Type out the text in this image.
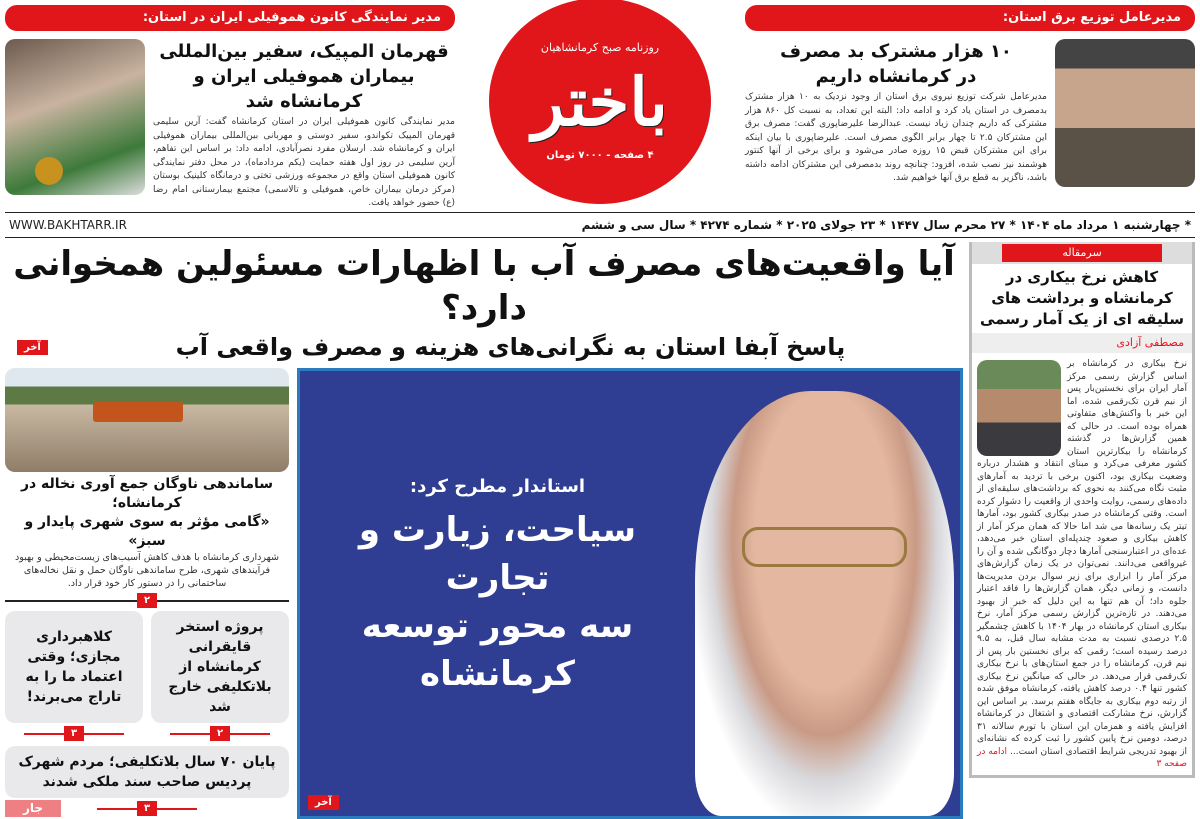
مدیر نمایندگی کانون هموفیلی ایران در استان:
قهرمان المپیک، سفیر بین‌المللی
بیماران هموفیلی ایران و کرمانشاه شد
مدیر نمایندگی کانون هموفیلی ایران در استان کرمانشاه گفت: آرین سلیمی قهرمان المپیک تکواندو، سفیر دوستی و مهربانی بین‌المللی بیماران هموفیلی ایران و کرمانشاه شد. ارسلان مفرد نصرآبادی، ادامه داد: بر اساس این تفاهم، آرین سلیمی در روز اول هفته حمایت (یکم مردادماه)، در محل دفتر نمایندگی کانون هموفیلی استان واقع در مجموعه ورزشی تختی و درمانگاه کلینیک بوستان (مرکز درمان بیماران خاص، هموفیلی و تالاسمی) مجتمع بیمارستانی امام رضا (ع) حضور خواهد یافت.
روزنامه صبح کرمانشاهیان
باختر
۴ صفحه - ۷۰۰۰ تومان
مدیرعامل توزیع برق استان:
۱۰ هزار مشترک بد مصرف
در کرمانشاه داریم
مدیرعامل شرکت توزیع نیروی برق استان از وجود نزدیک به ۱۰ هزار مشترک بدمصرف در استان یاد کرد و ادامه داد: البته این تعداد، به نسبت کل ۸۶۰ هزار مشترکی که داریم چندان زیاد نیست. عبدالرضا علیرضاپوری گفت: مصرف برق این مشترکان ۲.۵ تا چهار برابر الگوی مصرف است. علیرضاپوری با بیان اینکه برای این مشترکان قبض ۱۵ روزه صادر می‌شود و برای برخی از آنها کنتور هوشمند نیز نصب شده، افزود: چنانچه روند بدمصرفی این مشترکان ادامه داشته باشد، ناگزیر به قطع برق آنها خواهیم شد.
WWW.BAKHTARR.IR	* چهارشنبه ۱ مرداد ماه ۱۴۰۴ * ۲۷ محرم سال ۱۴۴۷ * ۲۳ جولای ۲۰۲۵ * شماره ۴۲۷۴ * سال سی و ششم
آیا واقعیت‌های مصرف آب با اظهارات مسئولین همخوانی دارد؟
آخر	پاسخ آبفا استان به نگرانی‌های هزینه و مصرف واقعی آب
ساماندهی ناوگان جمع آوری نخاله در کرمانشاه؛
«گامی مؤثر به سوی شهری پایدار و سبز»
شهرداری کرمانشاه با هدف کاهش آسیب‌های زیست‌محیطی و بهبود فرآیندهای شهری، طرح ساماندهی ناوگان حمل و نقل نخاله‌های ساختمانی را در دستور کار خود قرار داد.
۲
کلاهبرداری مجازی؛ وقتی اعتماد ما را به تاراج می‌برند!
۳
پروژه استخر قایقرانی کرمانشاه از بلاتکلیفی خارج شد
۲
پایان ۷۰ سال بلاتکلیفی؛ مردم شهرک پردیس صاحب سند ملکی شدند
جار	۳
استاندار مطرح کرد:
سیاحت، زیارت و تجارت
سه محور توسعه
کرمانشاه
آخر
سرمقاله
کاهش نرخ بیکاری در کرمانشاه و برداشت های سلیقه ای از یک آمار رسمی
مصطفی آزادی

نرخ بیکاری در کرمانشاه بر اساس گزارش رسمی مرکز آمار ایران برای نخستین‌بار پس از نیم قرن تک‌رقمی شده، اما این خبر با واکنش‌های متفاوتی همراه بوده است. در حالی که همین گزارش‌ها در گذشته کرمانشاه را بیکارترین استان کشور معرفی می‌کرد و مبنای انتقاد و هشدار درباره وضعیت بیکاری بود، اکنون برخی با تردید به آمارهای مثبت نگاه می‌کنند به نحوی که برداشت‌های سلیقه‌ای از داده‌های رسمی، روایت واحدی از واقعیت را دشوار کرده است. وقتی کرمانشاه در صدر بیکاری کشور بود، آمارها تیتر یک رسانه‌ها می شد اما حالا که همان مرکز آمار از کاهش بیکاری و صعود چندپله‌ای استان خبر می‌دهد، عده‌ای در اعتبارسنجی آمارها دچار دوگانگی شده و آن را غیرواقعی می‌دانند. نمی‌توان در یک زمان گزارش‌های مرکز آمار را ابزاری برای زیر سوال بردن مدیریت‌ها دانست، و زمانی دیگر، همان گزارش‌ها را فاقد اعتبار جلوه داد؛ آن هم تنها به این دلیل که خبر از بهبود می‌دهند. در تازه‌ترین گزارش رسمی مرکز آمار، نرخ بیکاری استان کرمانشاه در بهار ۱۴۰۴ با کاهش چشمگیر ۲.۵ درصدی نسبت به مدت مشابه سال قبل، به ۹.۵ درصد رسیده است؛ رقمی که برای نخستین بار پس از نیم قرن، کرمانشاه را در جمع استان‌های با نرخ بیکاری تک‌رقمی قرار می‌دهد. در حالی که میانگین نرخ بیکاری کشور تنها ۰.۴ درصد کاهش یافته، کرمانشاه موفق شده از رتبه دوم بیکاری به جایگاه هفتم برسد. بر اساس این گزارش، نرخ مشارکت اقتصادی و اشتغال در کرمانشاه افزایش یافته و همزمان این استان با تورم سالانه ۳۱ درصد، دومین نرخ پایین کشور را ثبت کرده که نشانه‌ای از بهبود تدریجی شرایط اقتصادی استان است... ادامه در صفحه ۳
